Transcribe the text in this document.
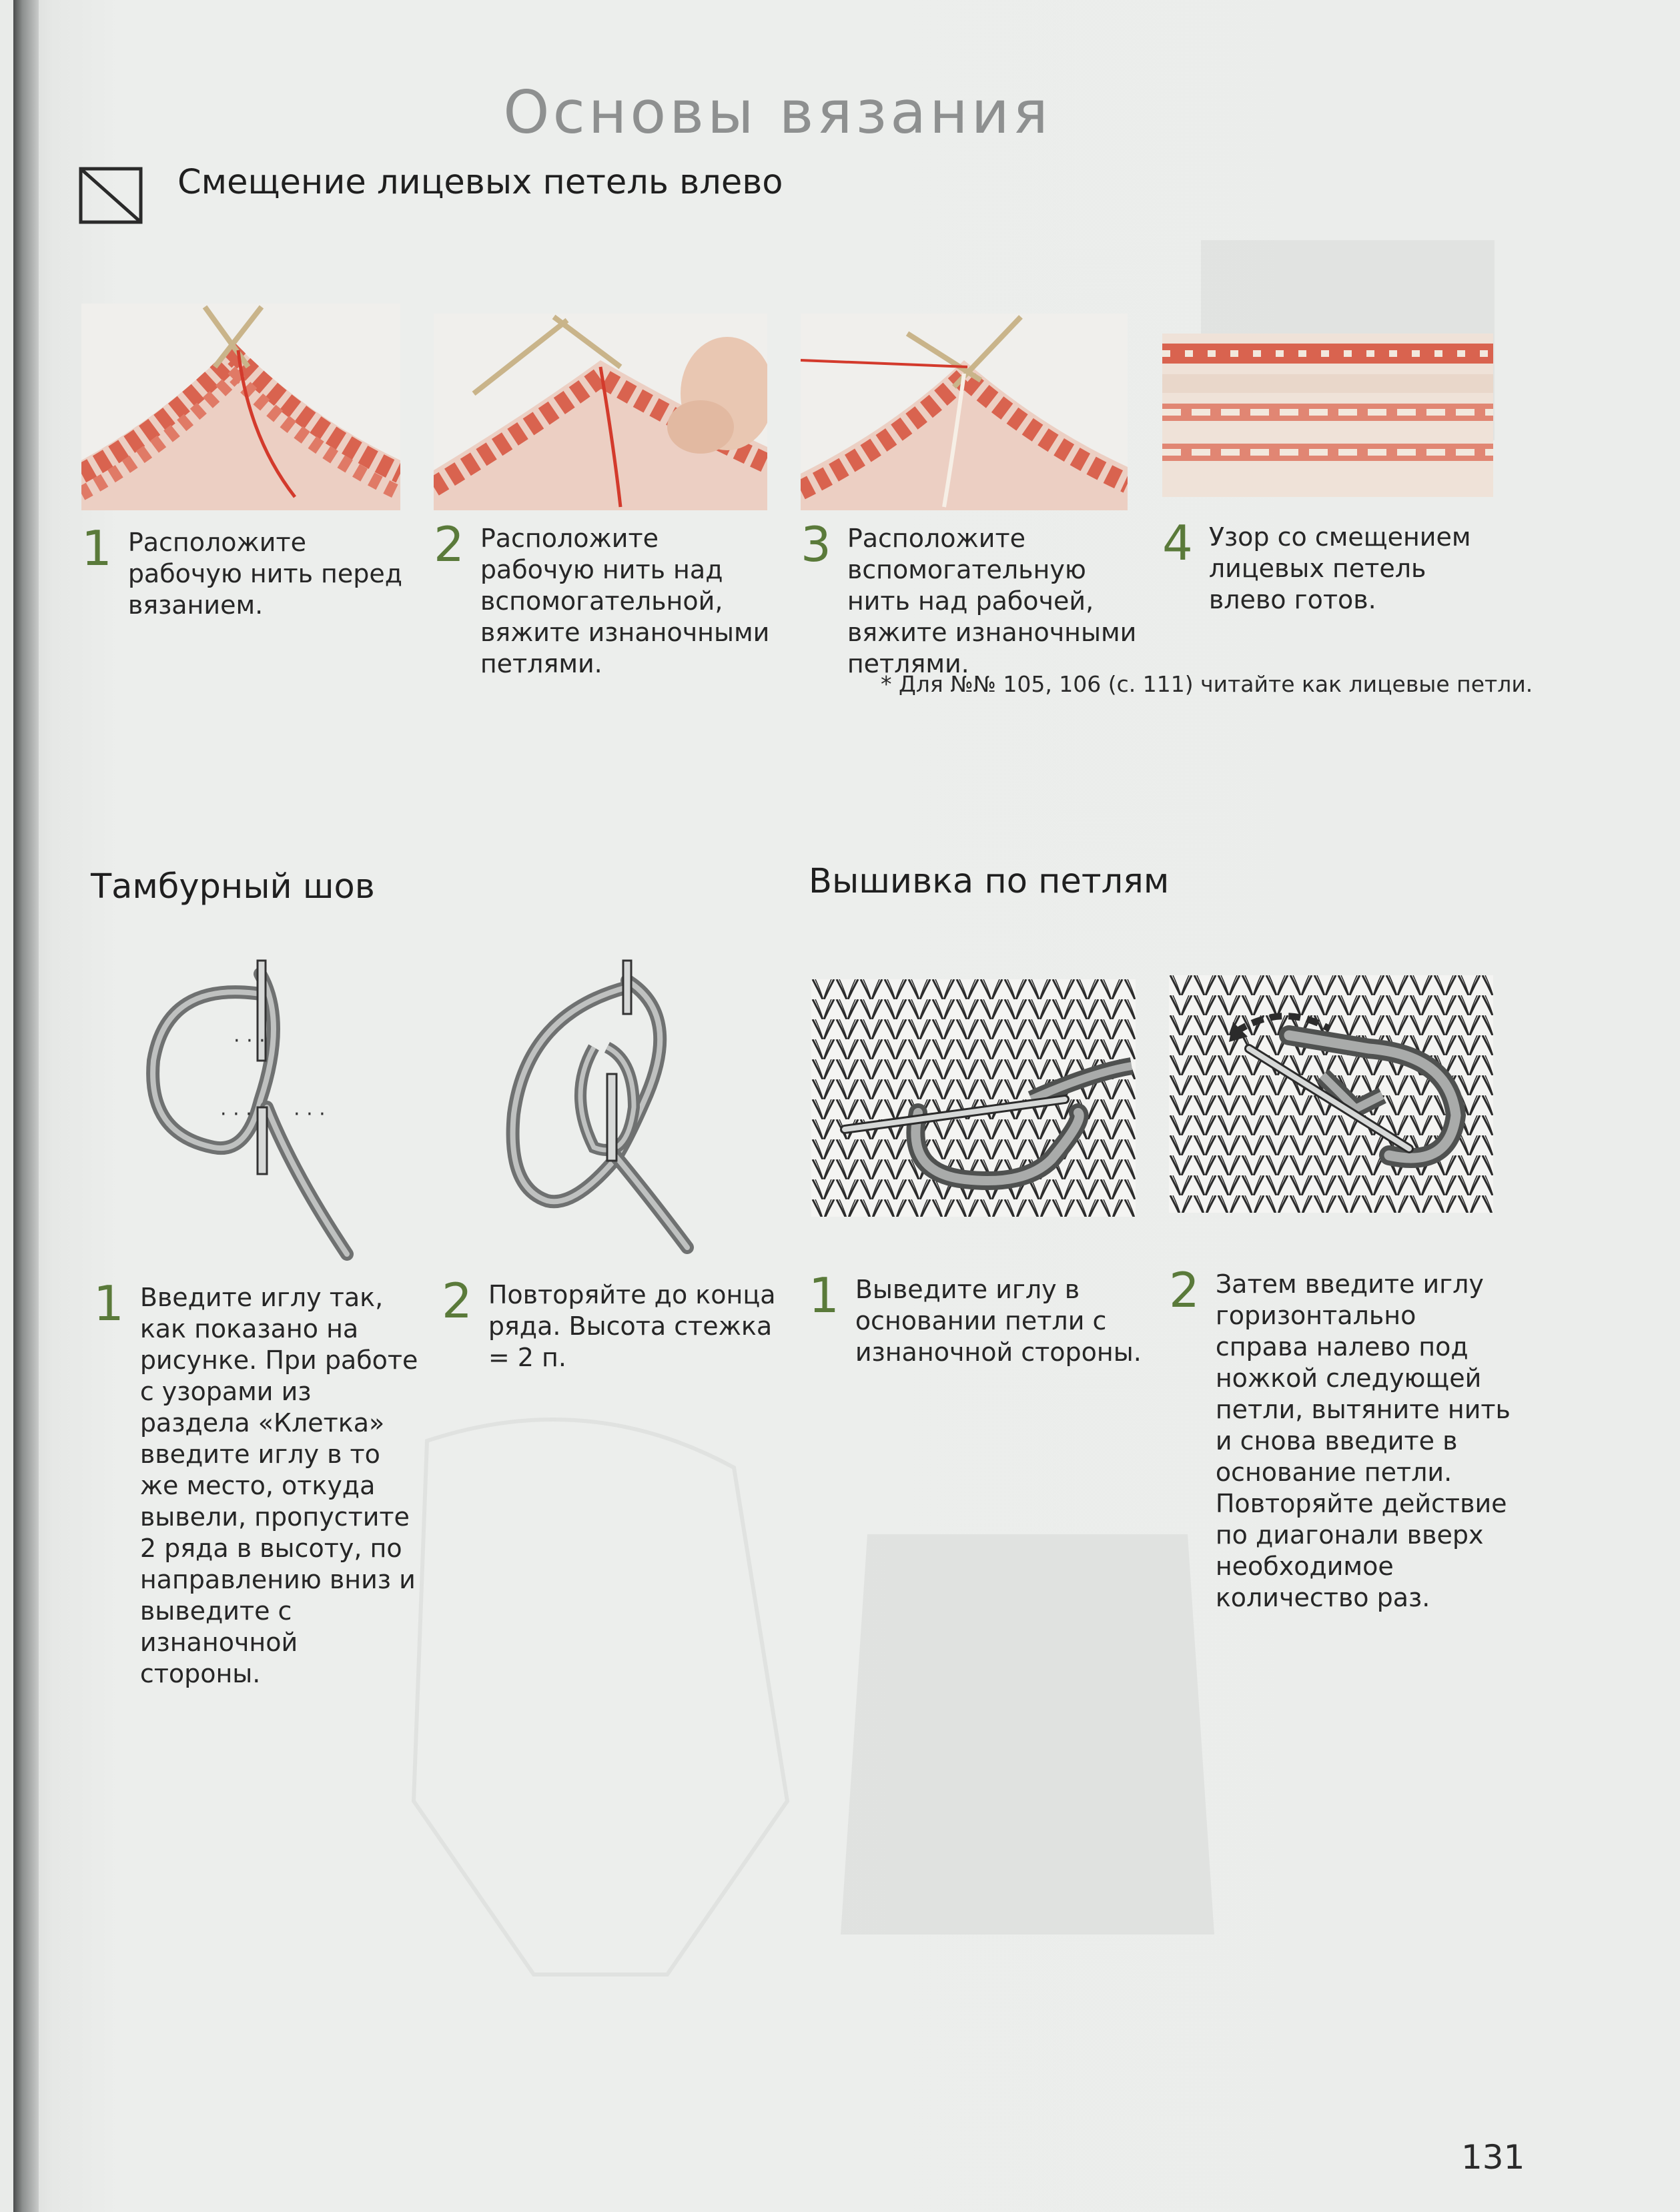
Основы вязания
Смещение лицевых петель влево
1 Расположите рабочую нить перед вязанием.
2 Расположите рабочую нить над вспомогательной, вяжите изнаночными петлями.
3 Расположите вспомогательную нить над рабочей, вяжите изнаночными петлями.
4 Узор со смещением лицевых петель влево готов.
* Для №№ 105, 106 (с. 111) читайте как лицевые петли.
Тамбурный шов
· · ·
· · · · · ·
1 Введите иглу так, как показано на рисунке. При работе с узорами из раздела «Клетка» введите иглу в то же место, откуда вывели, пропустите 2 ряда в высоту, по направлению вниз и выведите с изнаночной стороны.
2 Повторяйте до конца ряда. Высота стежка = 2 п.
Вышивка по петлям
1 Выведите иглу в основании петли с изнаночной стороны.
2 Затем введите иглу горизонтально справа налево под ножкой следующей петли, вытяните нить и снова введите в основание петли. Повторяйте действие по диагонали вверх необходимое количество раз.
131
